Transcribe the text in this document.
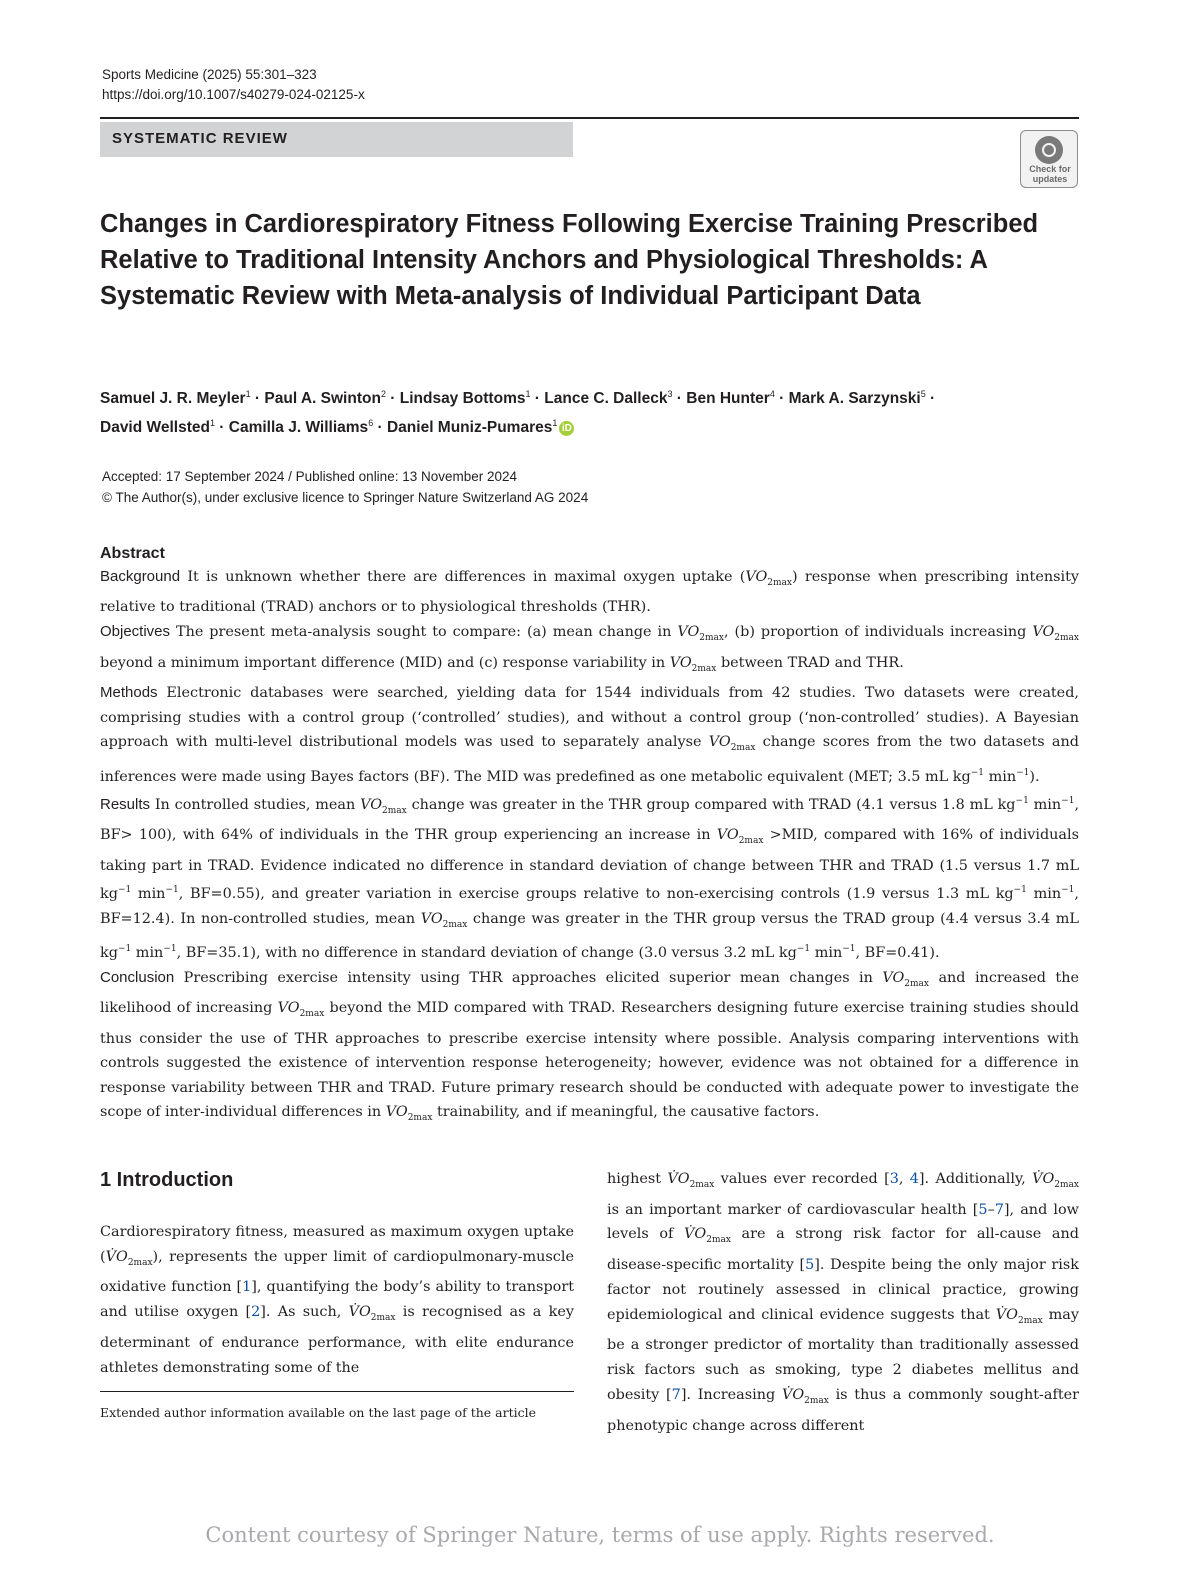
Sports Medicine (2025) 55:301–323
https://doi.org/10.1007/s40279-024-02125-x
SYSTEMATIC REVIEW
Check for updates
Changes in Cardiorespiratory Fitness Following Exercise Training Prescribed Relative to Traditional Intensity Anchors and Physiological Thresholds: A Systematic Review with Meta-analysis of Individual Participant Data
Samuel J. R. Meyler$^1$ · Paul A. Swinton$^2$ · Lindsay Bottoms$^1$ · Lance C. Dalleck$^3$ · Ben Hunter$^4$ · Mark A. Sarzynski$^5$ ·
David Wellsted$^1$ · Camilla J. Williams$^6$ · Daniel Muniz-Pumares$^1$ iD
Accepted: 17 September 2024 / Published online: 13 November 2024
© The Author(s), under exclusive licence to Springer Nature Switzerland AG 2024
Abstract

Background It is unknown whether there are differences in maximal oxygen uptake $(VO_{2max})$ response when prescribing intensity relative to traditional (TRAD) anchors or to physiological thresholds (THR).

Objectives The present meta-analysis sought to compare: (a) mean change in $VO_{2max}$, (b) proportion of individuals increasing $VO_{2max}$ beyond a minimum important difference (MID) and (c) response variability in $VO_{2max}$ between TRAD and THR.

Methods Electronic databases were searched, yielding data for 1544 individuals from 42 studies. Two datasets were created, comprising studies with a control group (‘controlled’ studies), and without a control group (‘non-controlled’ studies). A Bayesian approach with multi-level distributional models was used to separately analyse $VO_{2max}$ change scores from the two datasets and inferences were made using Bayes factors (BF). The MID was predefined as one metabolic equivalent (MET; 3.5 mL $kg^{-1}$ $\min^{-1}$).

Results In controlled studies, mean $VO_{2max}$ change was greater in the THR group compared with TRAD (4.1 versus 1.8 mL $kg^{-1}$ $\min^{-1}$, BF> 100), with 64% of individuals in the THR group experiencing an increase in $VO_{2max} >MID$, compared with 16% of individuals taking part in TRAD. Evidence indicated no difference in standard deviation of change between THR and TRAD (1.5 versus 1.7 mL $kg^{-1}$ $\min^{-1}$, BF=0.55), and greater variation in exercise groups relative to non-exercising controls (1.9 versus 1.3 mL $kg^{-1}$ $\min^{-1}$, BF=12.4). In non-controlled studies, mean $VO_{2max}$ change was greater in the THR group versus the TRAD group (4.4 versus 3.4 mL $kg^{-1}$ $\min^{-1}$, BF=35.1), with no difference in standard deviation of change (3.0 versus 3.2 mL $kg^{-1}$ $\min^{-1}$, BF=0.41).

Conclusion Prescribing exercise intensity using THR approaches elicited superior mean changes in $VO_{2max}$ and increased the likelihood of increasing $VO_{2max}$ beyond the MID compared with TRAD. Researchers designing future exercise training studies should thus consider the use of THR approaches to prescribe exercise intensity where possible. Analysis comparing interventions with controls suggested the existence of intervention response heterogeneity; however, evidence was not obtained for a difference in response variability between THR and TRAD. Future primary research should be conducted with adequate power to investigate the scope of inter-individual differences in $VO_{2max}$ trainability, and if meaningful, the causative factors.

1 Introduction

Cardiorespiratory fitness, measured as maximum oxygen uptake $(V̇O_{2max})$, represents the upper limit of cardiopulmonary-muscle oxidative function [1], quantifying the body’s ability to transport and utilise oxygen [2]. As such, $V̇O_{2max}$ is recognised as a key determinant of endurance performance, with elite endurance athletes demonstrating some of the

highest $V̇O_{2max}$ values ever recorded [3, 4]. Additionally, $V̇O_{2max}$ is an important marker of cardiovascular health [5–7], and low levels of $V̇O_{2max}$ are a strong risk factor for all-cause and disease-specific mortality [5]. Despite being the only major risk factor not routinely assessed in clinical practice, growing epidemiological and clinical evidence suggests that $V̇O_{2max}$ may be a stronger predictor of mortality than traditionally assessed risk factors such as smoking, type 2 diabetes mellitus and obesity [7]. Increasing $V̇O_{2max}$ is thus a commonly sought-after phenotypic change across different

Extended author information available on the last page of the article
Content courtesy of Springer Nature, terms of use apply. Rights reserved.
